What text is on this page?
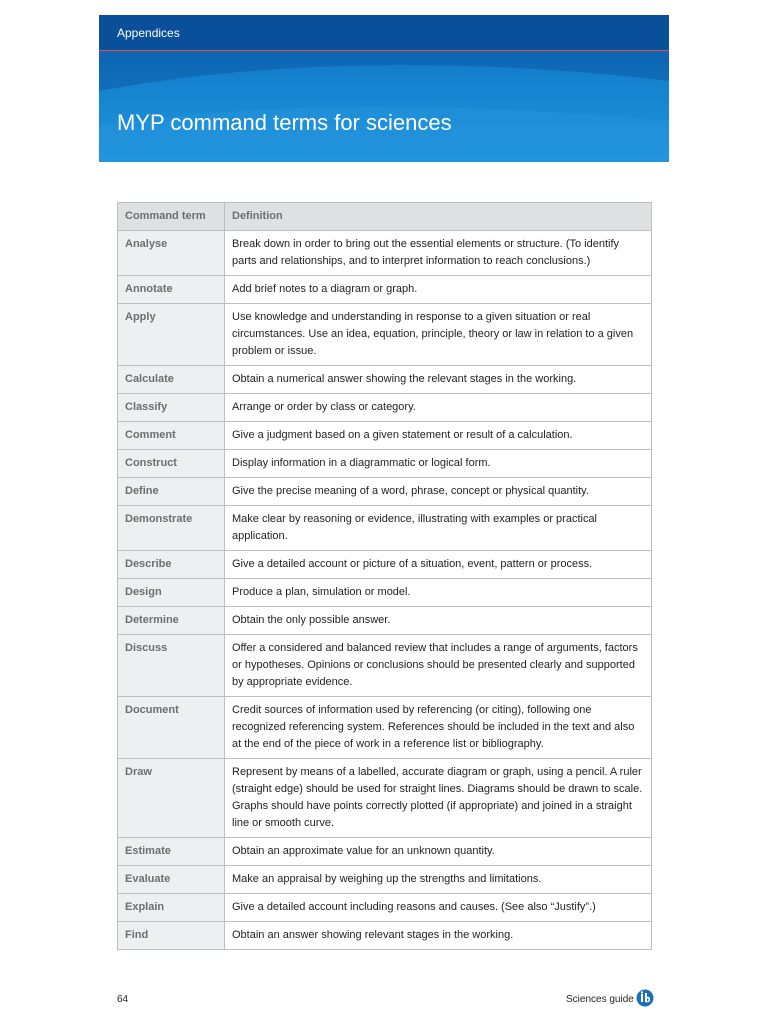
Appendices
MYP command terms for sciences
Command term	Definition
Analyse	Break down in order to bring out the essential elements or structure. (To identify parts and relationships, and to interpret information to reach conclusions.)
Annotate	Add brief notes to a diagram or graph.
Apply	Use knowledge and understanding in response to a given situation or real circumstances. Use an idea, equation, principle, theory or law in relation to a given problem or issue.
Calculate	Obtain a numerical answer showing the relevant stages in the working.
Classify	Arrange or order by class or category.
Comment	Give a judgment based on a given statement or result of a calculation.
Construct	Display information in a diagrammatic or logical form.
Define	Give the precise meaning of a word, phrase, concept or physical quantity.
Demonstrate	Make clear by reasoning or evidence, illustrating with examples or practical application.
Describe	Give a detailed account or picture of a situation, event, pattern or process.
Design	Produce a plan, simulation or model.
Determine	Obtain the only possible answer.
Discuss	Offer a considered and balanced review that includes a range of arguments, factors or hypotheses. Opinions or conclusions should be presented clearly and supported by appropriate evidence.
Document	Credit sources of information used by referencing (or citing), following one recognized referencing system. References should be included in the text and also at the end of the piece of work in a reference list or bibliography.
Draw	Represent by means of a labelled, accurate diagram or graph, using a pencil. A ruler (straight edge) should be used for straight lines. Diagrams should be drawn to scale. Graphs should have points correctly plotted (if appropriate) and joined in a straight line or smooth curve.
Estimate	Obtain an approximate value for an unknown quantity.
Evaluate	Make an appraisal by weighing up the strengths and limitations.
Explain	Give a detailed account including reasons and causes. (See also “Justify”.)
Find	Obtain an answer showing relevant stages in the working.
64	Sciences guide
